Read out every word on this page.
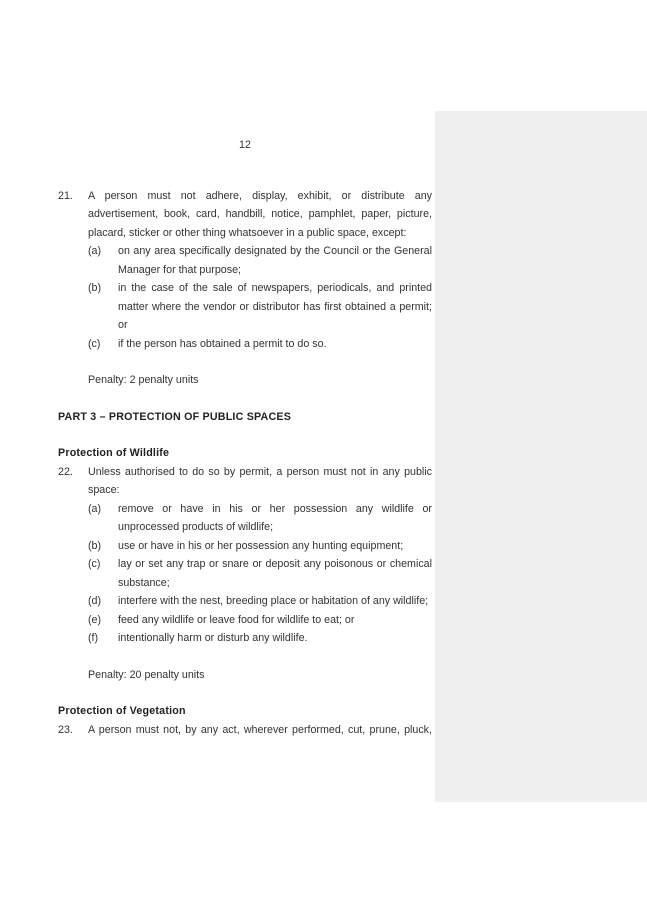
12
21.	A person must not adhere, display, exhibit, or distribute any
advertisement, book, card, handbill, notice, pamphlet, paper, picture,
placard, sticker or other thing whatsoever in a public space, except:
(a)	on any area specifically designated by the Council or the General
Manager for that purpose;
(b)	in the case of the sale of newspapers, periodicals, and printed
matter where the vendor or distributor has first obtained a permit;
or
(c)	if the person has obtained a permit to do so.
Penalty: 2 penalty units
PART 3 – PROTECTION OF PUBLIC SPACES
Protection of Wildlife
22.	Unless authorised to do so by permit, a person must not in any public
space:
(a)	remove or have in his or her possession any wildlife or
unprocessed products of wildlife;
(b)	use or have in his or her possession any hunting equipment;
(c)	lay or set any trap or snare or deposit any poisonous or chemical
substance;
(d)	interfere with the nest, breeding place or habitation of any wildlife;
(e)	feed any wildlife or leave food for wildlife to eat; or
(f)	intentionally harm or disturb any wildlife.
Penalty: 20 penalty units
Protection of Vegetation
23.	A person must not, by any act, wherever performed, cut, prune, pluck,
